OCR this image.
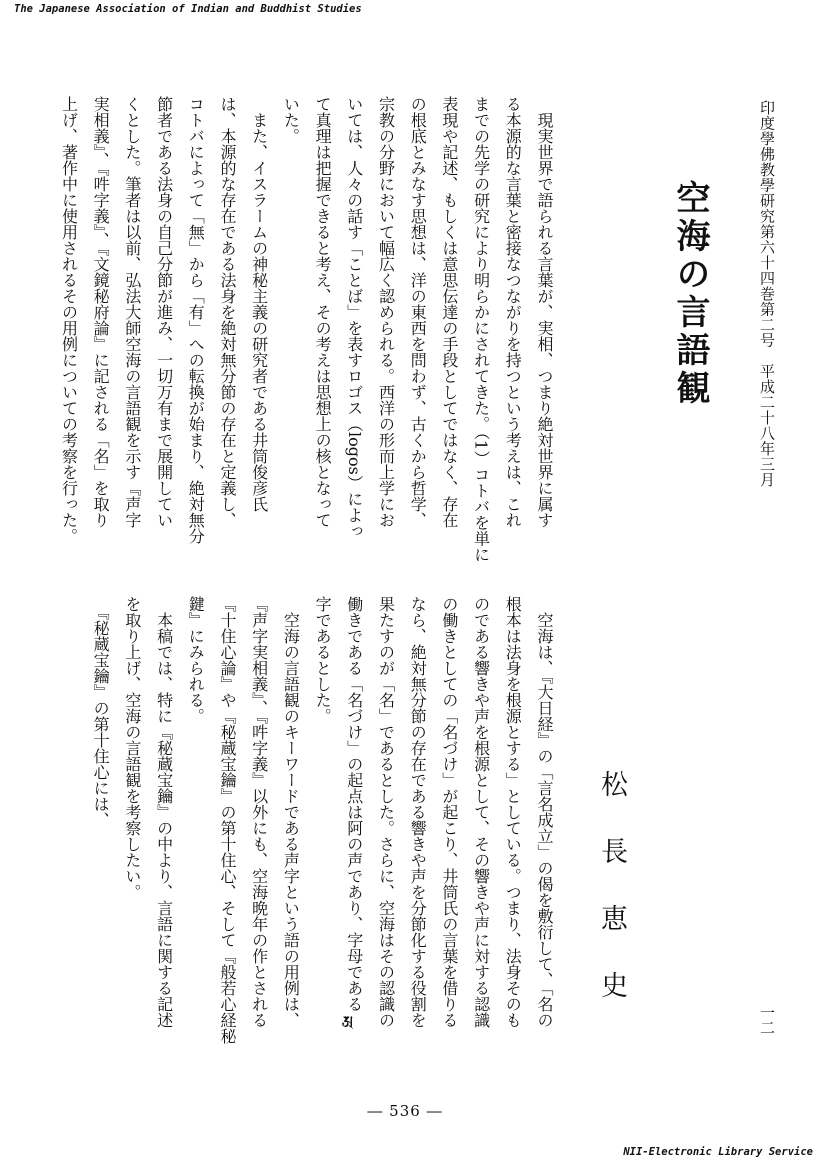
The Japanese Association of Indian and Buddhist Studies
印度學佛教學研究第六十四巻第二号　平成二十八年三月
空海の言語観
松長恵史	一二
　現実世界で語られる言葉が、実相、つまり絶対世界に属す
る本源的な言葉と密接なつながりを持つという考えは、これ
までの先学の研究により明らかにされてきた。（1）コトバを単に
表現や記述、もしくは意思伝達の手段としてではなく、存在
の根底とみなす思想は、洋の東西を問わず、古くから哲学、
宗教の分野において幅広く認められる。西洋の形而上学にお
いては、人々の話す「ことば」を表すロゴス（logos）によっ
て真理は把握できると考え、その考えは思想上の核となって
いた。
　また、イスラームの神秘主義の研究者である井筒俊彦氏
は、本源的な存在である法身を絶対無分節の存在と定義し、
コトバによって「無」から「有」への転換が始まり、絶対無分
節者である法身の自己分節が進み、一切万有まで展開してい
くとした。筆者は以前、弘法大師空海の言語観を示す『声字
実相義』、『吽字義』、『文鏡秘府論』に記される「名」を取り
上げ、著作中に使用されるその用例についての考察を行った。
　空海は、『大日経』の「言名成立」の偈を敷衍して、「名の
根本は法身を根源とする」としている。つまり、法身そのも
のである響きや声を根源として、その響きや声に対する認識
の働きとしての「名づけ」が起こり、井筒氏の言葉を借りる
なら、絶対無分節の存在である響きや声を分節化する役割を
果たすのが「名」であるとした。さらに、空海はその認識の
働きである「名づけ」の起点は阿の声であり、字母である𑖀
字であるとした。
　空海の言語観のキーワードである声字という語の用例は、
『声字実相義』、『吽字義』以外にも、空海晩年の作とされる
『十住心論』や『秘蔵宝鑰』の第十住心、そして『般若心経秘
鍵』にみられる。
　本稿では、特に『秘蔵宝鑰』の中より、言語に関する記述
を取り上げ、空海の言語観を考察したい。
　『秘蔵宝鑰』の第十住心には、
― 536 ―
NII-Electronic Library Service
